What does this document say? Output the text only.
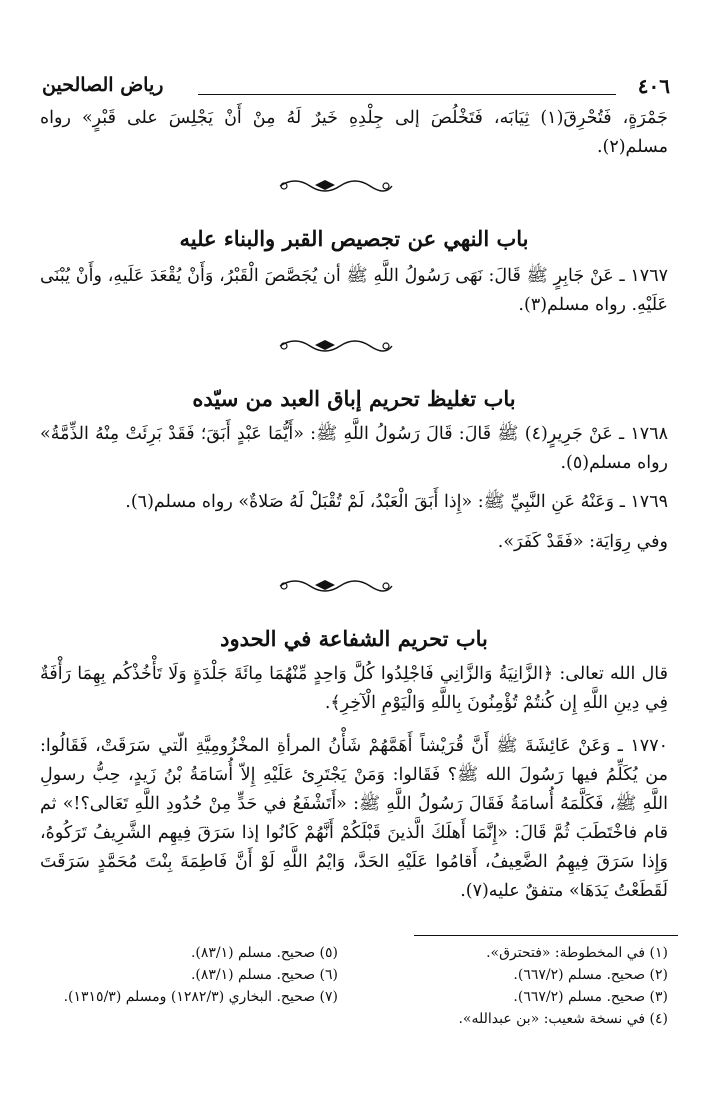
٤٠٦
رياض الصالحين
جَمْرَةٍ، فَتُحْرِقَ(١) ثِيَابَه، فَتَخْلُصَ إلى جِلْدِهِ خَيرٌ لَهُ مِنْ أَنْ يَجْلِسَ على قَبْرٍ» رواه مسلم(٢).
باب النهي عن تجصيص القبر والبناء عليه
١٧٦٧ ـ عَنْ جَابِرٍ ﷺ قَالَ: نَهَى رَسُولُ اللَّهِ ﷺ أن يُجَصَّصَ الْقَبْرُ، وَأَنْ يُقْعَدَ عَلَيهِ، وأَنْ يُبْنَى عَلَيْهِ. رواه مسلم(٣).
باب تغليظ تحريم إباق العبد من سيّده
١٧٦٨ ـ عَنْ جَرِيرٍ(٤) ﷺ قَالَ: قَالَ رَسُولُ اللَّهِ ﷺ: «أَيُّمَا عَبْدٍ أَبَقَ؛ فَقَدْ بَرِئَتْ مِنْهُ الذِّمَّةُ» رواه مسلم(٥).
١٧٦٩ ـ وَعَنْهُ عَنِ النَّبِيِّ ﷺ: «إِذا أَبَقَ الْعَبْدُ، لَمْ تُقْبَلْ لَهُ صَلاةٌ» رواه مسلم(٦).
وفي رِوَايَة: «فَقَدْ كَفَرَ».
باب تحريم الشفاعة في الحدود
قال الله تعالى: ﴿الزَّانِيَةُ وَالزَّانِي فَاجْلِدُوا كُلَّ وَاحِدٍ مِّنْهُمَا مِائَةَ جَلْدَةٍ وَلَا تَأْخُذْكُم بِهِمَا رَأْفَةٌ فِي دِينِ اللَّهِ إِن كُنتُمْ تُؤْمِنُونَ بِاللَّهِ وَالْيَوْمِ الْآخِرِ﴾.
١٧٧٠ ـ وَعَنْ عَائِشَةَ ﷺ أَنَّ قُرَيْشاً أَهَمَّهُمْ شَأْنُ المرأةِ المخْزُومِيَّةِ الّتي سَرَقَتْ، فَقَالُوا: من يُكَلِّمُ فيها رَسُولَ الله ﷺ؟ فَقَالوا: وَمَنْ يَجْتَرِئ عَلَيْهِ إِلاّ أُسَامَةُ بْنُ زَيدٍ، حِبُّ رسولِ اللَّهِ ﷺ، فَكَلَّمَهُ أُسامَةُ فَقَالَ رَسُولُ اللَّهِ ﷺ: «أَتَشْفَعُ في حَدٍّ مِنْ حُدُودِ اللَّهِ تَعَالى؟!» ثم قام فاخْتَطَبَ ثُمَّ قَالَ: «إِنَّمَا أَهلَكَ الَّذينَ قَبْلَكُمْ أَنَّهُمْ كَانُوا إذا سَرَقَ فِيهِم الشَّرِيفُ تَرَكُوهُ، وَإِذا سَرَقَ فِيهِمُ الضَّعِيفُ، أَقامُوا عَلَيْهِ الحَدَّ، وَايْمُ اللَّهِ لَوْ أَنَّ فَاطِمَةَ بِنْتَ مُحَمَّدٍ سَرَقَتَ لَقَطَعْتُ يَدَهَا» متفقٌ عليه(٧).
(١) في المخطوطة: «فتحترق».
(٢) صحيح. مسلم (٦٦٧/٢).
(٣) صحيح. مسلم (٦٦٧/٢).
(٤) في نسخة شعيب: «بن عبدالله».
(٥) صحيح. مسلم (٨٣/١).
(٦) صحيح. مسلم (٨٣/١).
(٧) صحيح. البخاري (١٢٨٢/٣) ومسلم (١٣١٥/٣).
